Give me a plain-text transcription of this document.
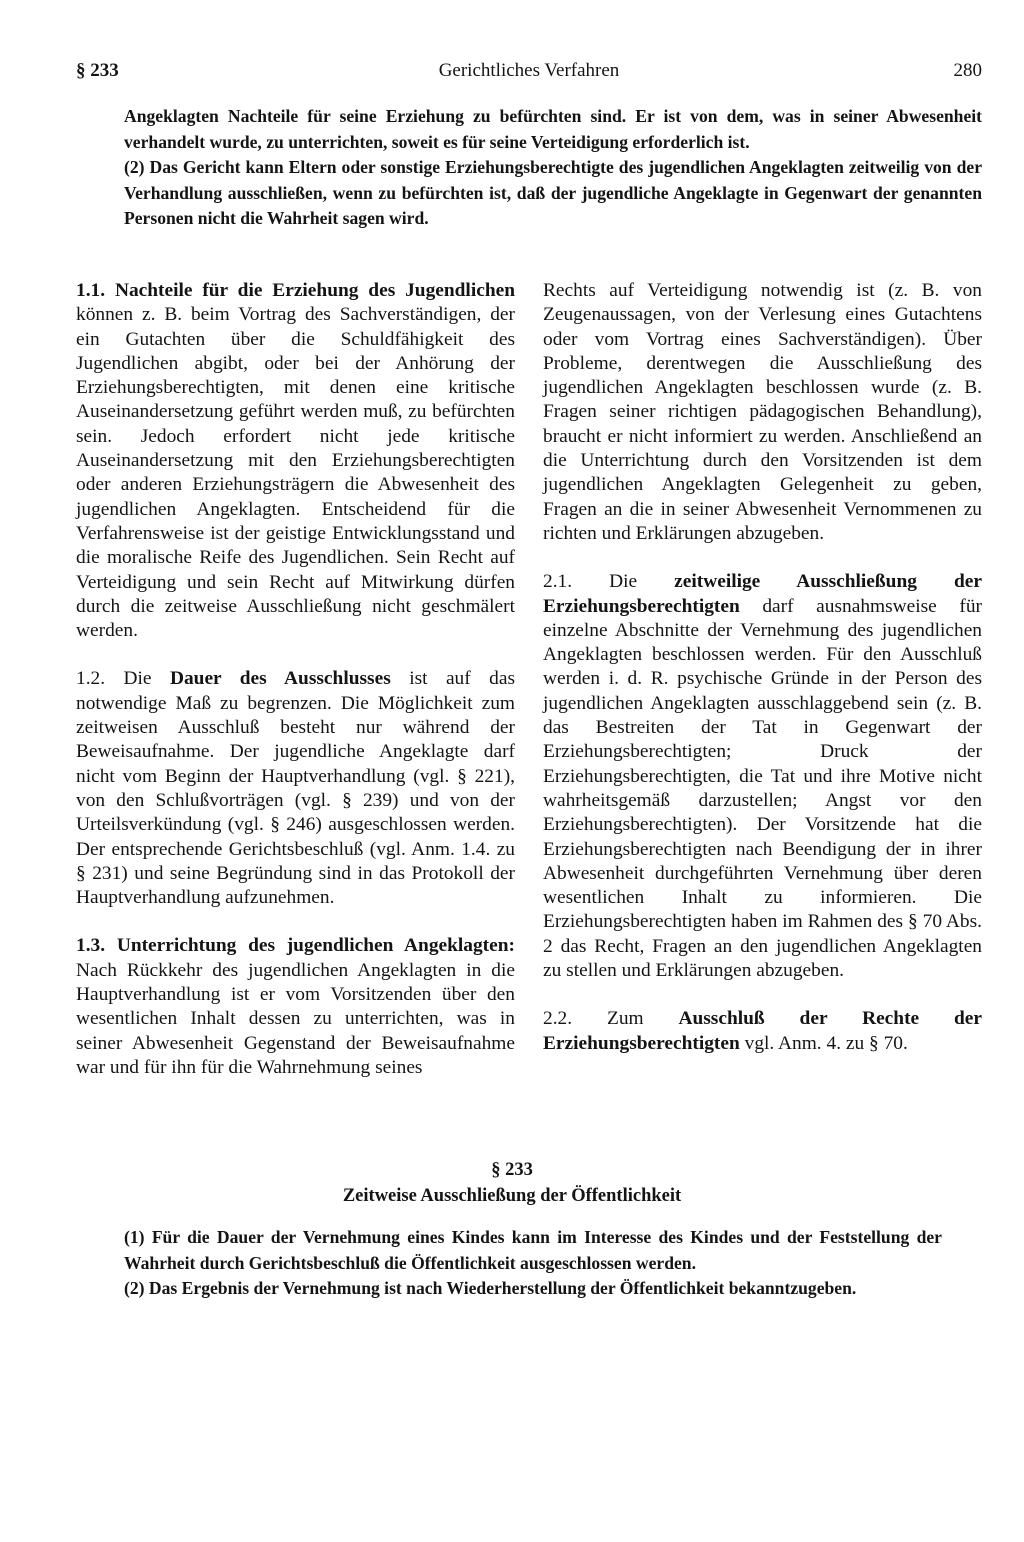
§ 233	Gerichtliches Verfahren	280

Angeklagten Nachteile für seine Erziehung zu befürchten sind. Er ist von dem, was in seiner Abwesenheit verhandelt wurde, zu unterrichten, soweit es für seine Verteidigung erforderlich ist.

(2) Das Gericht kann Eltern oder sonstige Erziehungsberechtigte des jugendlichen Angeklagten zeitweilig von der Verhandlung ausschließen, wenn zu befürchten ist, daß der jugendliche Angeklagte in Gegenwart der genannten Personen nicht die Wahrheit sagen wird.

1.1. Nachteile für die Erziehung des Jugendlichen können z. B. beim Vortrag des Sachverständigen, der ein Gutachten über die Schuldfähigkeit des Jugendlichen abgibt, oder bei der Anhörung der Erziehungsberechtigten, mit denen eine kritische Auseinandersetzung geführt werden muß, zu befürchten sein. Jedoch erfordert nicht jede kritische Auseinandersetzung mit den Erziehungsberechtigten oder anderen Erziehungsträgern die Abwesenheit des jugendlichen Angeklagten. Entscheidend für die Verfahrensweise ist der geistige Entwicklungsstand und die moralische Reife des Jugendlichen. Sein Recht auf Verteidigung und sein Recht auf Mitwirkung dürfen durch die zeitweise Ausschließung nicht geschmälert werden.

1.2. Die Dauer des Ausschlusses ist auf das notwendige Maß zu begrenzen. Die Möglichkeit zum zeitweisen Ausschluß besteht nur während der Beweisaufnahme. Der jugendliche Angeklagte darf nicht vom Beginn der Hauptverhandlung (vgl. § 221), von den Schlußvorträgen (vgl. § 239) und von der Urteilsverkündung (vgl. § 246) ausgeschlossen werden. Der entsprechende Gerichtsbeschluß (vgl. Anm. 1.4. zu § 231) und seine Begründung sind in das Protokoll der Hauptverhandlung aufzunehmen.

1.3. Unterrichtung des jugendlichen Angeklagten: Nach Rückkehr des jugendlichen Angeklagten in die Hauptverhandlung ist er vom Vorsitzenden über den wesentlichen Inhalt dessen zu unterrichten, was in seiner Abwesenheit Gegenstand der Beweisaufnahme war und für ihn für die Wahrnehmung seines

Rechts auf Verteidigung notwendig ist (z. B. von Zeugenaussagen, von der Verlesung eines Gutachtens oder vom Vortrag eines Sachverständigen). Über Probleme, derentwegen die Ausschließung des jugendlichen Angeklagten beschlossen wurde (z. B. Fragen seiner richtigen pädagogischen Behandlung), braucht er nicht informiert zu werden. Anschließend an die Unterrichtung durch den Vorsitzenden ist dem jugendlichen Angeklagten Gelegenheit zu geben, Fragen an die in seiner Abwesenheit Vernommenen zu richten und Erklärungen abzugeben.

2.1. Die zeitweilige Ausschließung der Erziehungsberechtigten darf ausnahmsweise für einzelne Abschnitte der Vernehmung des jugendlichen Angeklagten beschlossen werden. Für den Ausschluß werden i. d. R. psychische Gründe in der Person des jugendlichen Angeklagten ausschlaggebend sein (z. B. das Bestreiten der Tat in Gegenwart der Erziehungsberechtigten; Druck der Erziehungsberechtigten, die Tat und ihre Motive nicht wahrheitsgemäß darzustellen; Angst vor den Erziehungsberechtigten). Der Vorsitzende hat die Erziehungsberechtigten nach Beendigung der in ihrer Abwesenheit durchgeführten Vernehmung über deren wesentlichen Inhalt zu informieren. Die Erziehungsberechtigten haben im Rahmen des § 70 Abs. 2 das Recht, Fragen an den jugendlichen Angeklagten zu stellen und Erklärungen abzugeben.

2.2. Zum Ausschluß der Rechte der Erziehungsberechtigten vgl. Anm. 4. zu § 70.

§ 233
Zeitweise Ausschließung der Öffentlichkeit

(1) Für die Dauer der Vernehmung eines Kindes kann im Interesse des Kindes und der Feststellung der Wahrheit durch Gerichtsbeschluß die Öffentlichkeit ausgeschlossen werden.

(2) Das Ergebnis der Vernehmung ist nach Wiederherstellung der Öffentlichkeit bekanntzugeben.
